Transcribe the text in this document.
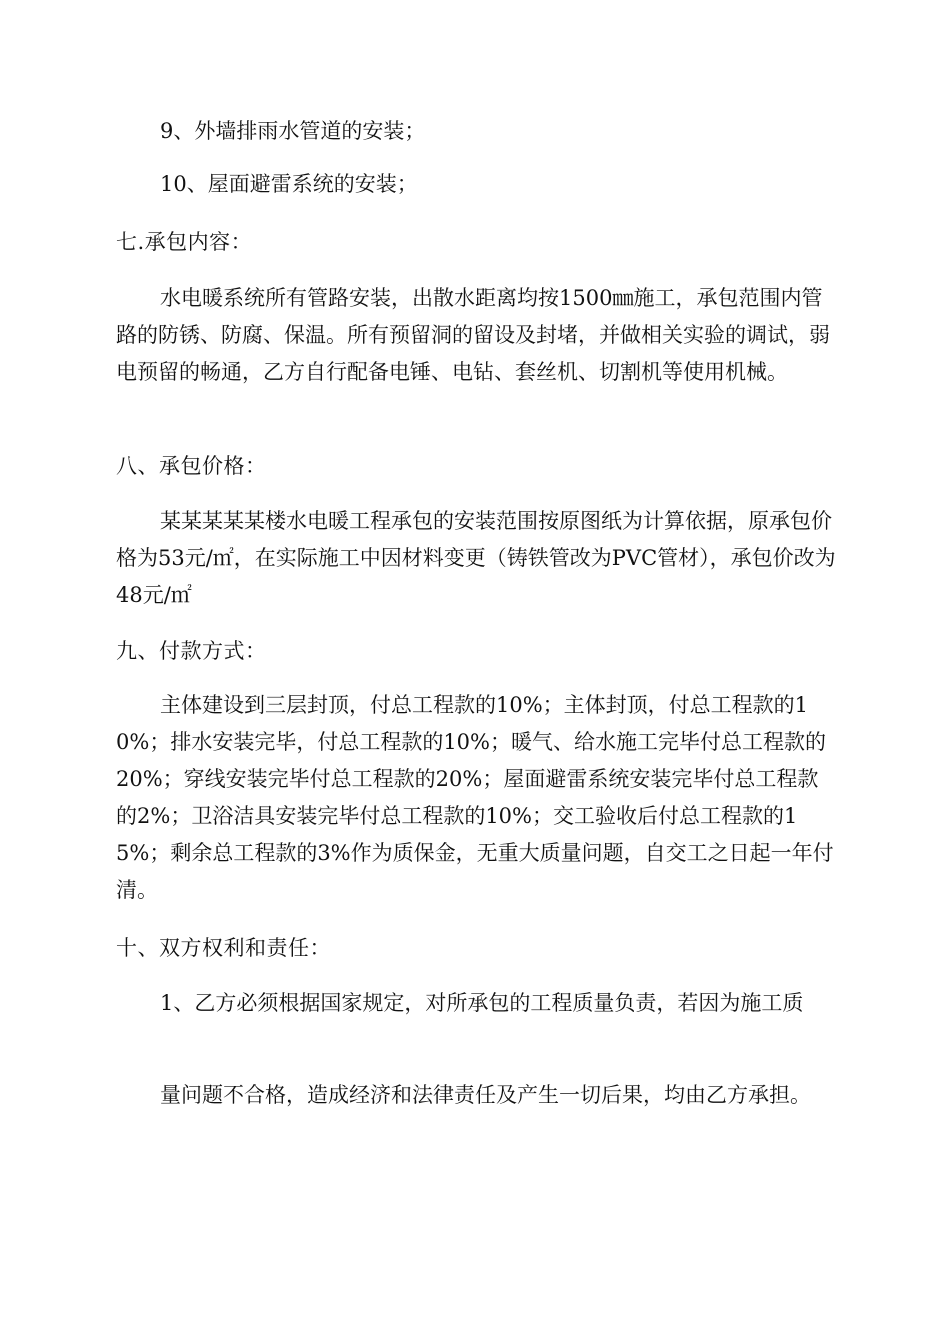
9、外墙排雨水管道的安装；

10、屋面避雷系统的安装；

七.承包内容：

水电暖系统所有管路安装，出散水距离均按1500㎜施工，承包范围内管路的防锈、防腐、保温。所有预留洞的留设及封堵，并做相关实验的调试，弱电预留的畅通，乙方自行配备电锤、电钻、套丝机、切割机等使用机械。

八、承包价格：

某某某某某楼水电暖工程承包的安装范围按原图纸为计算依据，原承包价格为53元/㎡，在实际施工中因材料变更（铸铁管改为PVC管材），承包价改为48元/㎡

九、付款方式：

主体建设到三层封顶，付总工程款的10%；主体封顶，付总工程款的10%；排水安装完毕，付总工程款的10%；暖气、给水施工完毕付总工程款的20%；穿线安装完毕付总工程款的20%；屋面避雷系统安装完毕付总工程款的2%；卫浴洁具安装完毕付总工程款的10%；交工验收后付总工程款的15%；剩余总工程款的3%作为质保金，无重大质量问题，自交工之日起一年付清。

十、双方权利和责任：

1、乙方必须根据国家规定，对所承包的工程质量负责，若因为施工质

量问题不合格，造成经济和法律责任及产生一切后果，均由乙方承担。
